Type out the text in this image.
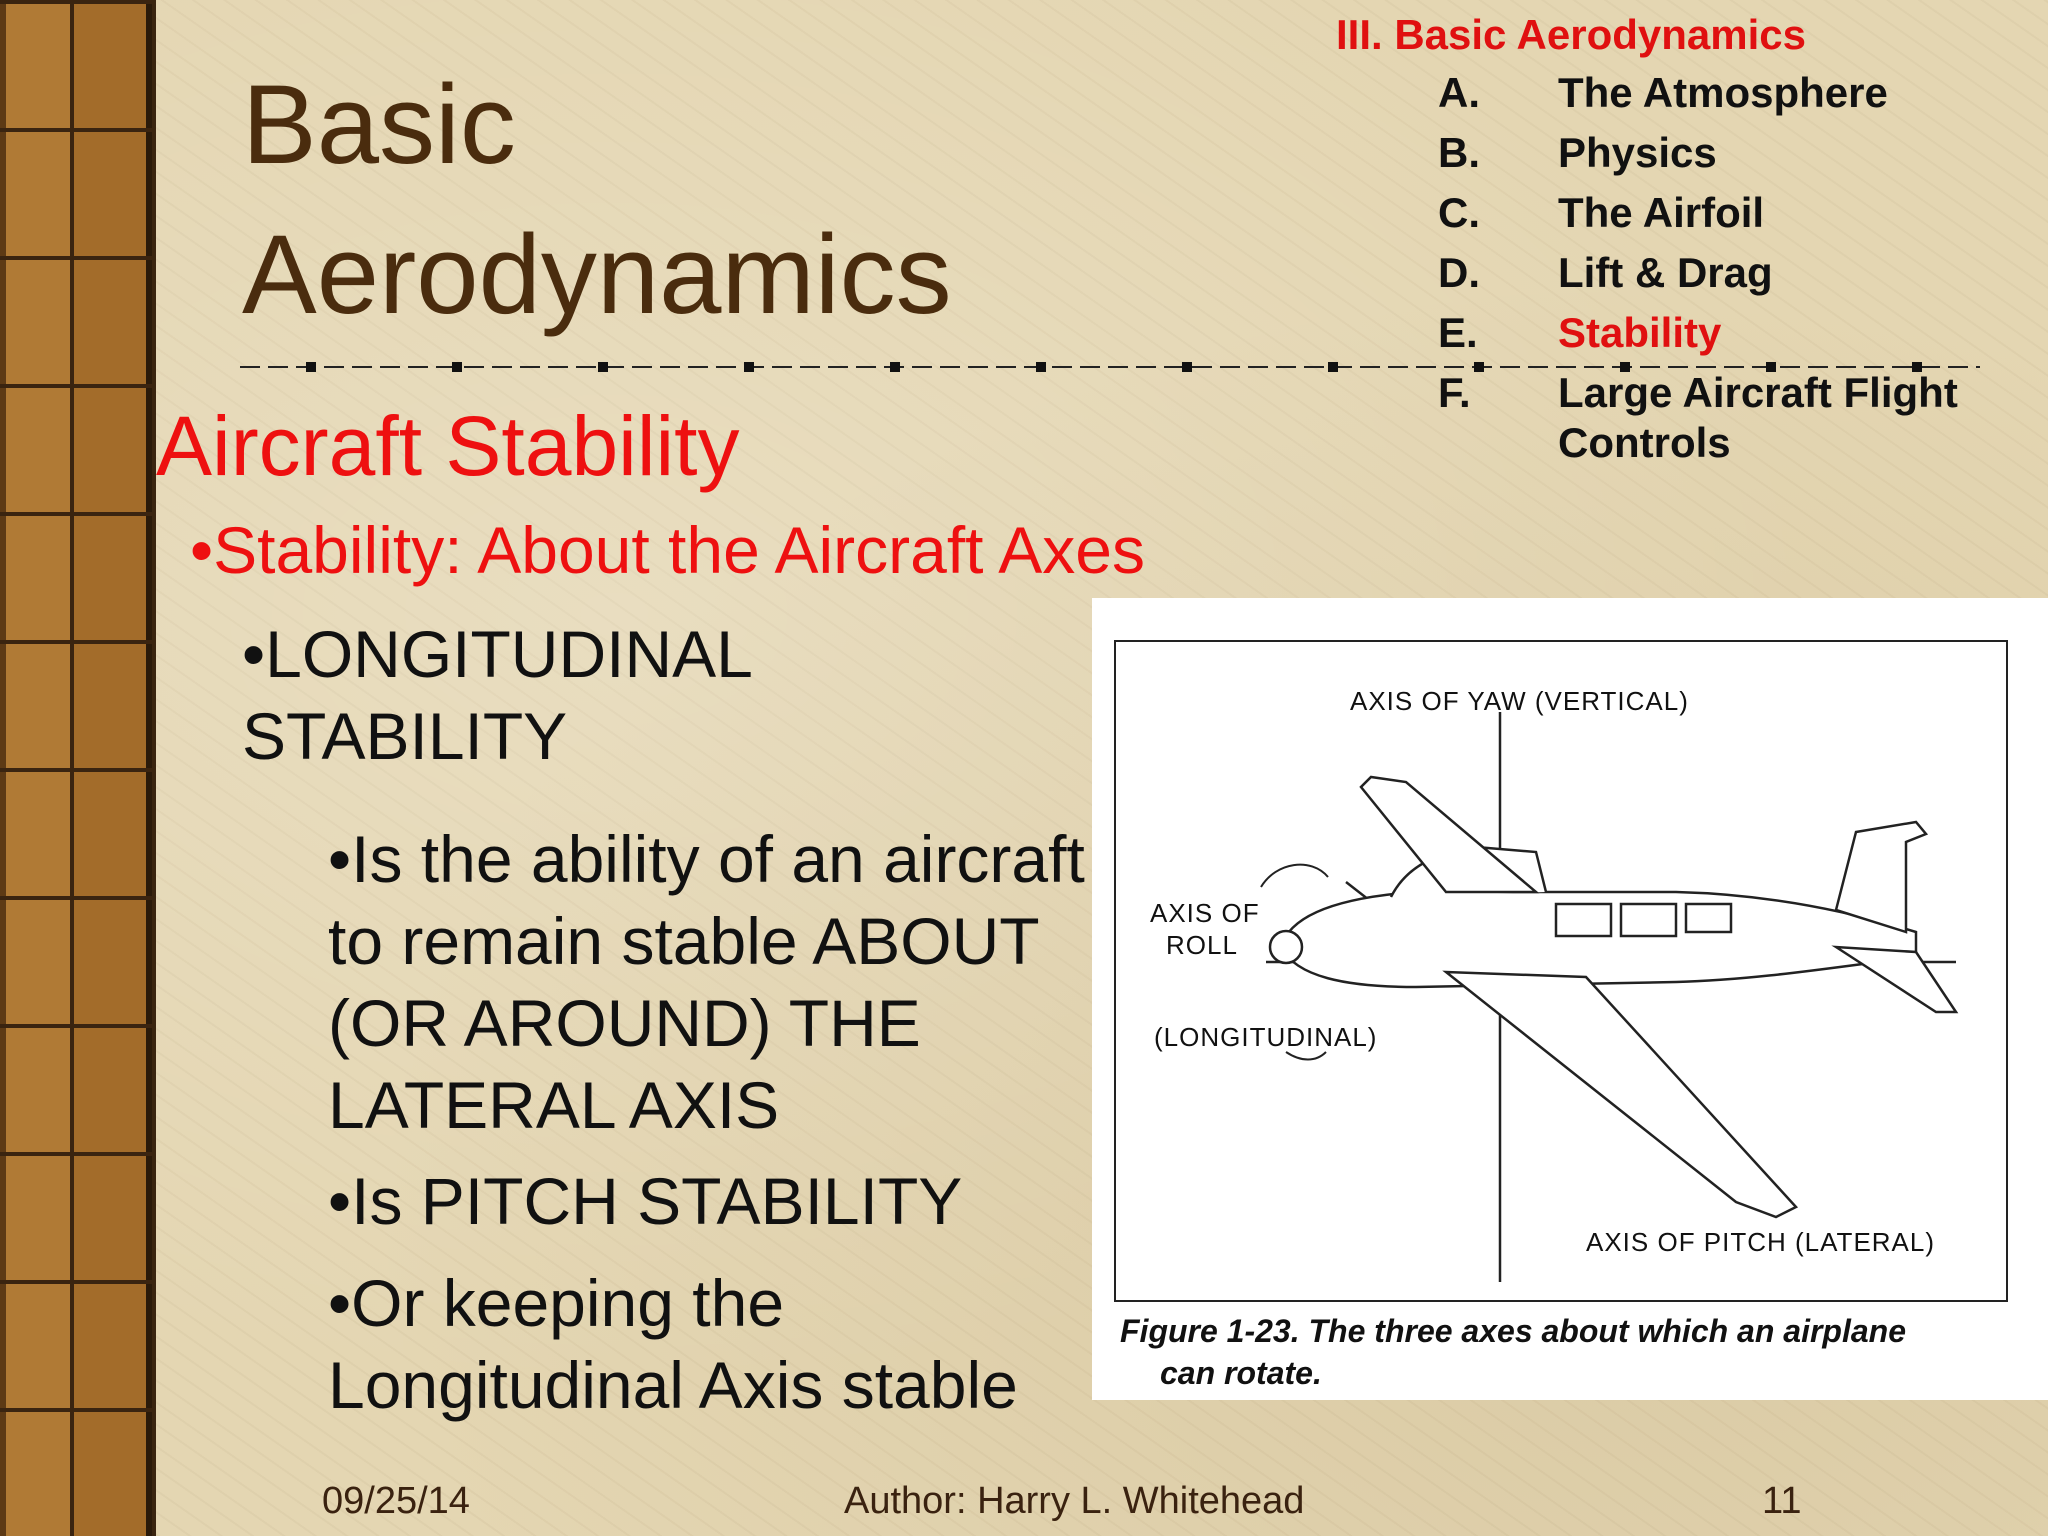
Basic
Aerodynamics
III. Basic Aerodynamics
A.	The Atmosphere
B.	Physics
C.	The Airfoil
D.	Lift & Drag
E.	Stability
F.	Large Aircraft Flight Controls
Aircraft Stability

•Stability: About the Aircraft Axes

•LONGITUDINAL STABILITY

•Is the ability of an aircraft to remain stable ABOUT (OR AROUND) THE LATERAL AXIS

•Is PITCH STABILITY

•Or keeping the Longitudinal Axis stable

AXIS OF YAW (VERTICAL)
AXIS OF
ROLL
(LONGITUDINAL)
AXIS OF PITCH (LATERAL)
Figure 1-23. The three axes about which an airplane
can rotate.
09/25/14	Author: Harry L. Whitehead	11
